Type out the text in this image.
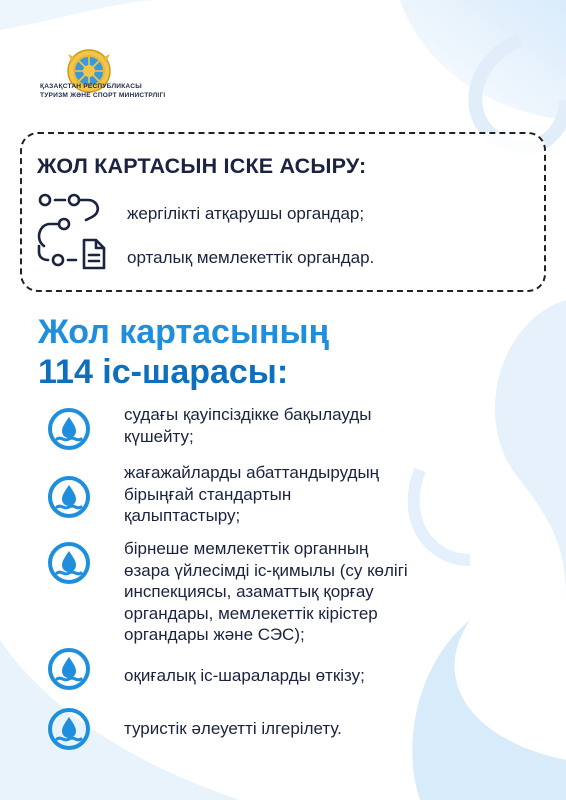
ҚАЗАҚСТАН РЕСПУБЛИКАСЫ
ТУРИЗМ ЖӘНЕ СПОРТ МИНИСТРЛІГІ
ЖОЛ КАРТАСЫН ІСКЕ АСЫРУ:
жергілікті атқарушы органдар;
орталық мемлекеттік органдар.
Жол картасының
114 іс-шарасы:
судағы қауіпсіздікке бақылауды
күшейту;
жағажайларды абаттандырудың
бірыңғай стандартын
қалыптастыру;
бірнеше мемлекеттік органның
өзара үйлесімді іс-қимылы (су көлігі
инспекциясы, азаматтық қорғау
органдары, мемлекеттік кірістер
органдары және СЭС);
оқиғалық іс-шараларды өткізу;
туристік әлеуетті ілгерілету.
